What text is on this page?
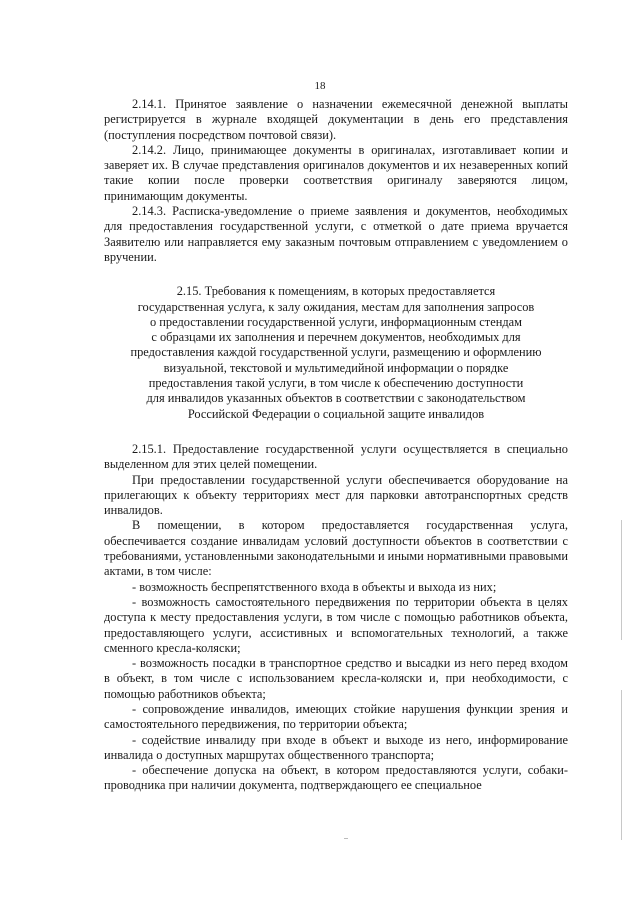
18

2.14.1. Принятое заявление о назначении ежемесячной денежной выплаты регистрируется в журнале входящей документации в день его представления (поступления посредством почтовой связи).

2.14.2. Лицо, принимающее документы в оригиналах, изготавливает копии и заверяет их. В случае представления оригиналов документов и их незаверенных копий такие копии после проверки соответствия оригиналу заверяются лицом, принимающим документы.

2.14.3. Расписка-уведомление о приеме заявления и документов, необходимых для предоставления государственной услуги, с отметкой о дате приема вручается Заявителю или направляется ему заказным почтовым отправлением с уведомлением о вручении.

2.15. Требования к помещениям, в которых предоставляется
государственная услуга, к залу ожидания, местам для заполнения запросов
о предоставлении государственной услуги, информационным стендам
с образцами их заполнения и перечнем документов, необходимых для
предоставления каждой государственной услуги, размещению и оформлению
визуальной, текстовой и мультимедийной информации о порядке
предоставления такой услуги, в том числе к обеспечению доступности
для инвалидов указанных объектов в соответствии с законодательством
Российской Федерации о социальной защите инвалидов

2.15.1. Предоставление государственной услуги осуществляется в специально выделенном для этих целей помещении.

При предоставлении государственной услуги обеспечивается оборудование на прилегающих к объекту территориях мест для парковки автотранспортных средств инвалидов.

В помещении, в котором предоставляется государственная услуга, обеспечивается создание инвалидам условий доступности объектов в соответствии с требованиями, установленными законодательными и иными нормативными правовыми актами, в том числе:

- возможность беспрепятственного входа в объекты и выхода из них;

- возможность самостоятельного передвижения по территории объекта в целях доступа к месту предоставления услуги, в том числе с помощью работников объекта, предоставляющего услуги, ассистивных и вспомогательных технологий, а также сменного кресла-коляски;

- возможность посадки в транспортное средство и высадки из него перед входом в объект, в том числе с использованием кресла-коляски и, при необходимости, с помощью работников объекта;

- сопровождение инвалидов, имеющих стойкие нарушения функции зрения и самостоятельного передвижения, по территории объекта;

- содействие инвалиду при входе в объект и выходе из него, информирование инвалида о доступных маршрутах общественного транспорта;

- обеспечение допуска на объект, в котором предоставляются услуги, собаки-проводника при наличии документа, подтверждающего ее специальное
